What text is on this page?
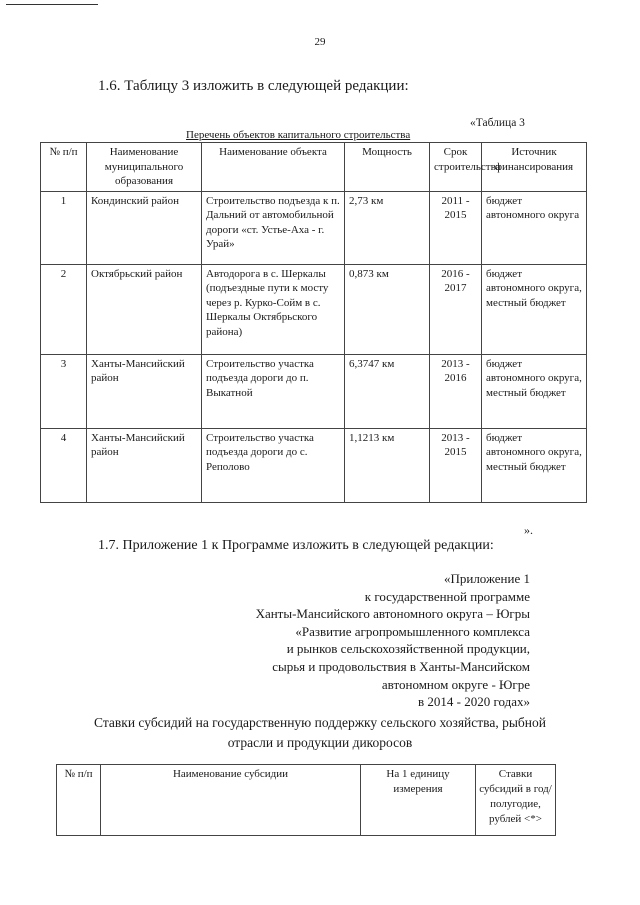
29
1.6. Таблицу 3 изложить в следующей редакции:
«Таблица 3
Перечень объектов капитального строительства
№ п/п	Наименование муниципального образования	Наименование объекта	Мощность	Срок строительства	Источник финансирования
1	Кондинский район	Строительство подъезда к п. Дальний от автомобильной дороги «ст. Устье-Аха - г. Урай»	2,73 км	2011 - 2015	бюджет автономного округа
2	Октябрьский район	Автодорога в с. Шеркалы (подъездные пути к мосту через р. Курко-Сойм в с. Шеркалы Октябрьского района)	0,873 км	2016 - 2017	бюджет автономного округа, местный бюджет
3	Ханты-Мансийский район	Строительство участка подъезда дороги до п. Выкатной	6,3747 км	2013 - 2016	бюджет автономного округа, местный бюджет
4	Ханты-Мансийский район	Строительство участка подъезда дороги до с. Реполово	1,1213 км	2013 - 2015	бюджет автономного округа, местный бюджет
».
1.7. Приложение 1 к Программе изложить в следующей редакции:
«Приложение 1
к государственной программе
Ханты-Мансийского автономного округа – Югры
«Развитие агропромышленного комплекса
и рынков сельскохозяйственной продукции,
сырья и продовольствия в Ханты-Мансийском
автономном округе - Югре
в 2014 - 2020 годах»
Ставки субсидий на государственную поддержку сельского хозяйства, рыбной
отрасли и продукции дикоросов
№ п/п	Наименование субсидии	На 1 единицу измерения	Ставки субсидий в год/полугодие, рублей <*>
